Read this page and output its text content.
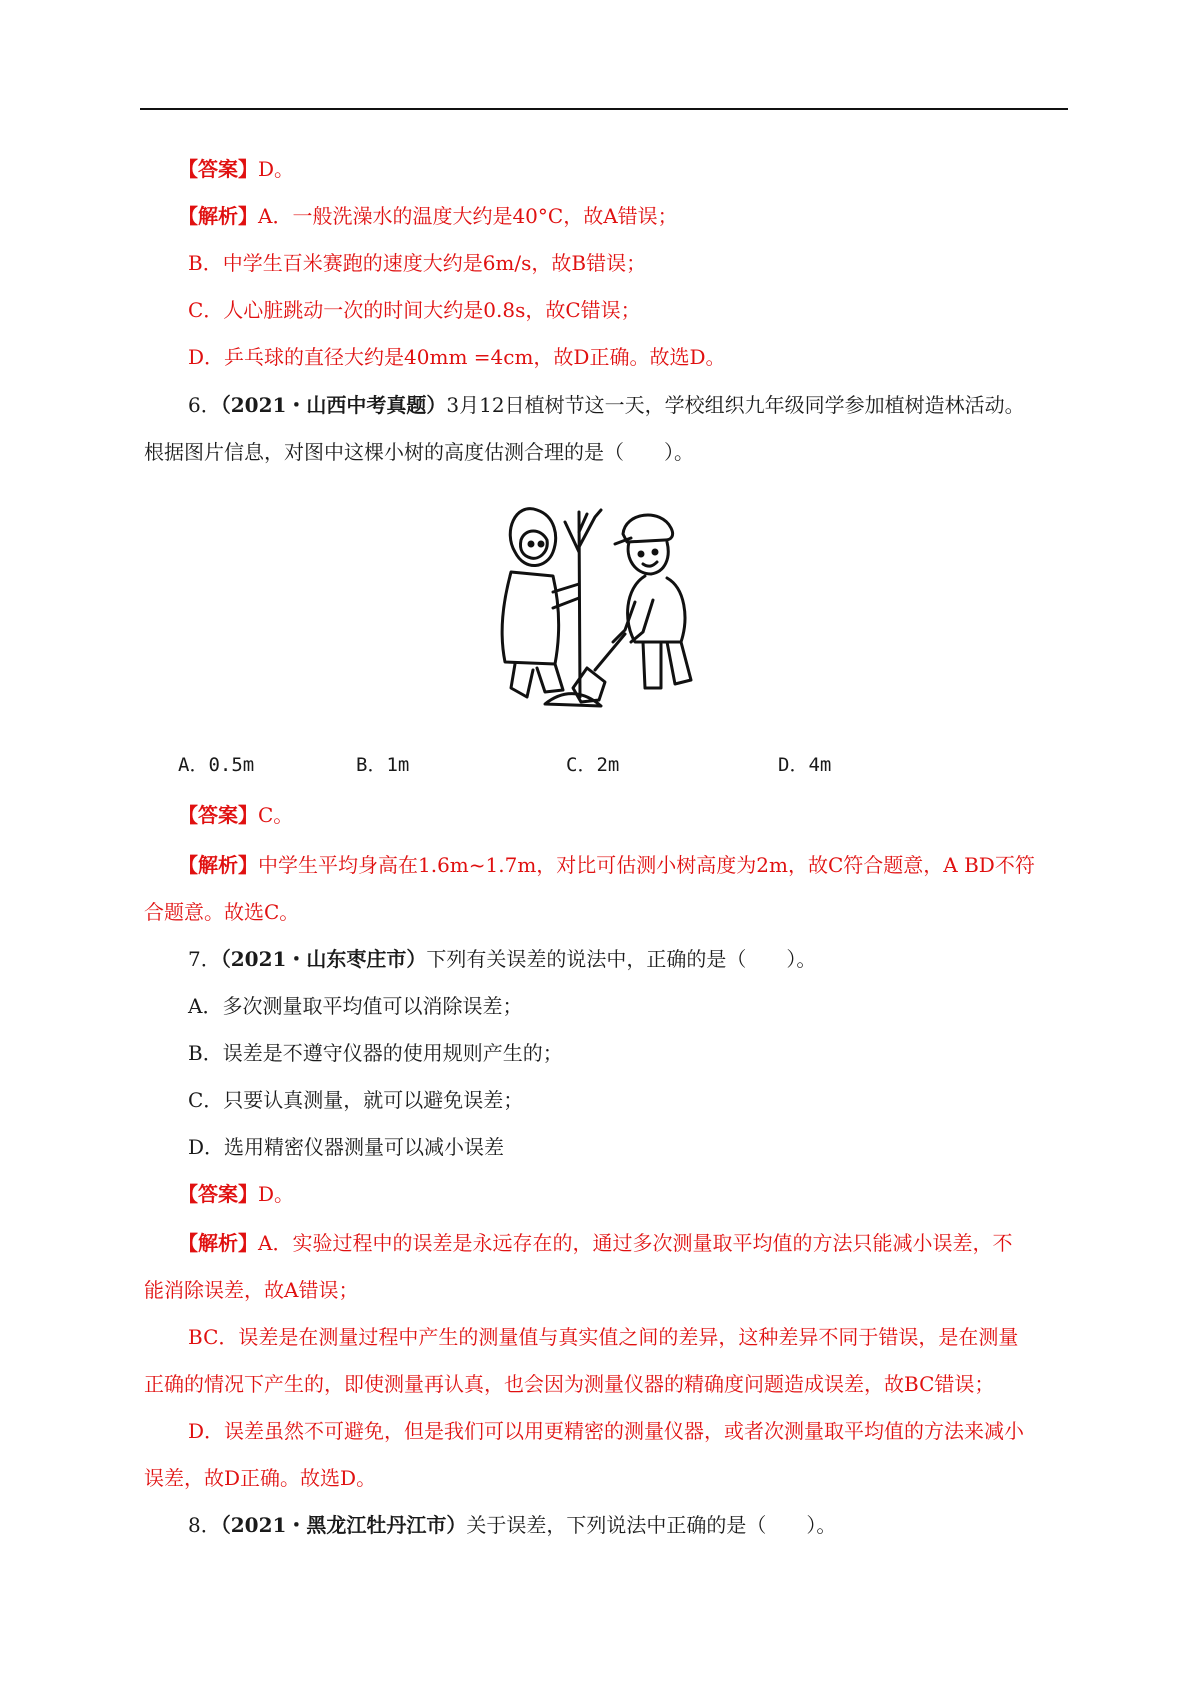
【答案】D。
【解析】A．一般洗澡水的温度大约是40°C，故A错误；
B．中学生百米赛跑的速度大约是6m/s，故B错误；
C．人心脏跳动一次的时间大约是0.8s，故C错误；
D．乒乓球的直径大约是40mm =4cm，故D正确。故选D。
6．（2021・山西中考真题）3月12日植树节这一天，学校组织九年级同学参加植树造林活动。
根据图片信息，对图中这棵小树的高度估测合理的是（　　）。
A．0.5m	B．1m	C．2m	D．4m
【答案】C。
【解析】中学生平均身高在1.6m~1.7m，对比可估测小树高度为2m，故C符合题意，A BD不符
合题意。故选C。
7．（2021・山东枣庄市）下列有关误差的说法中，正确的是（　　）。
A．多次测量取平均值可以消除误差；
B．误差是不遵守仪器的使用规则产生的；
C．只要认真测量，就可以避免误差；
D．选用精密仪器测量可以减小误差
【答案】D。
【解析】A．实验过程中的误差是永远存在的，通过多次测量取平均值的方法只能减小误差，不
能消除误差，故A错误；
BC．误差是在测量过程中产生的测量值与真实值之间的差异，这种差异不同于错误，是在测量
正确的情况下产生的，即使测量再认真，也会因为测量仪器的精确度问题造成误差，故BC错误；
D．误差虽然不可避免，但是我们可以用更精密的测量仪器，或者次测量取平均值的方法来减小
误差，故D正确。故选D。
8．（2021・黑龙江牡丹江市）关于误差，下列说法中正确的是（　　）。
